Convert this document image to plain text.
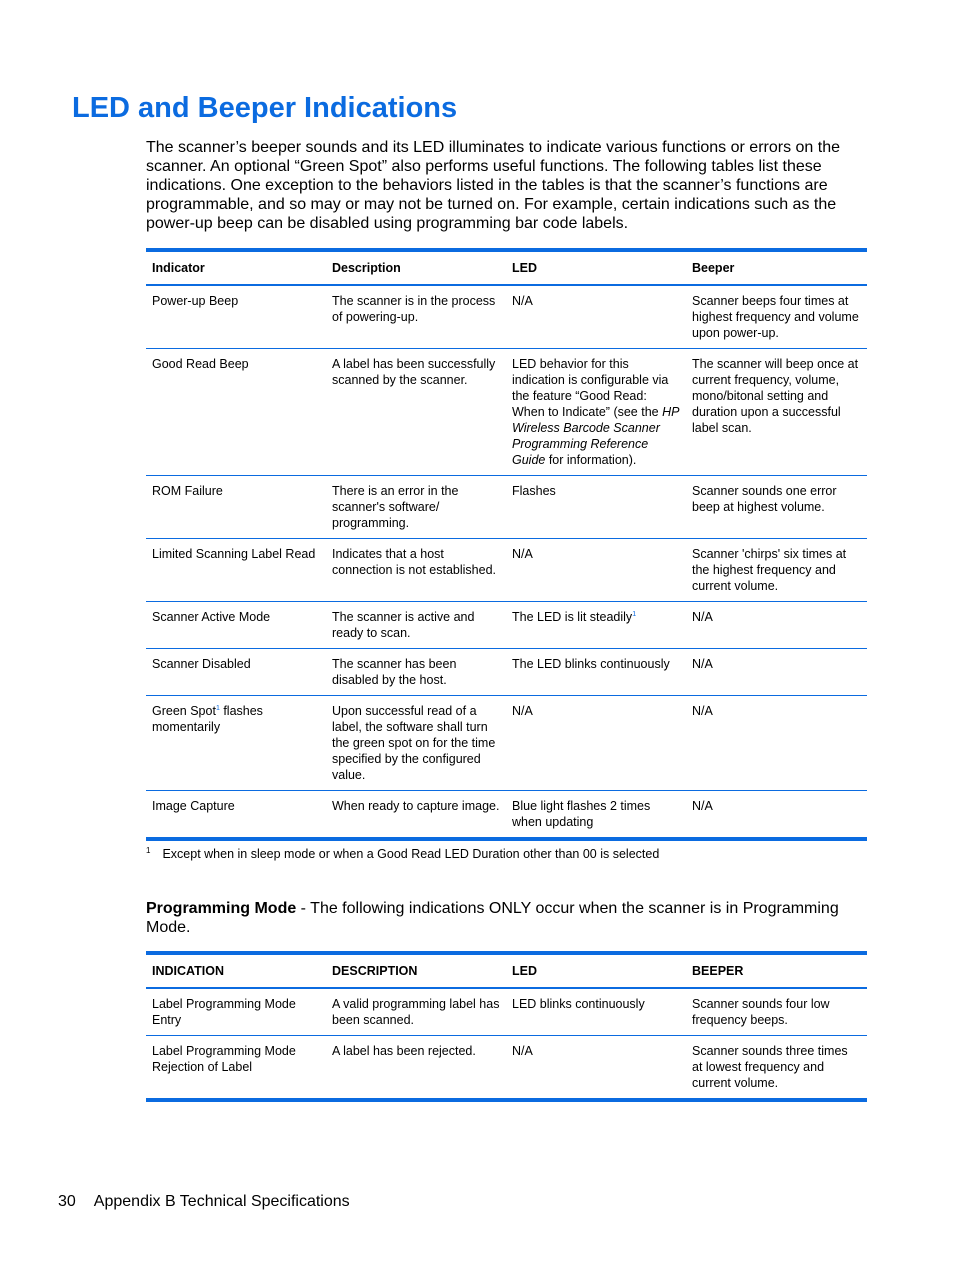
LED and Beeper Indications

The scanner’s beeper sounds and its LED illuminates to indicate various functions or errors on the scanner. An optional “Green Spot” also performs useful functions. The following tables list these indications. One exception to the behaviors listed in the tables is that the scanner’s functions are programmable, and so may or may not be turned on. For example, certain indications such as the power-up beep can be disabled using programming bar code labels.

Indicator	Description	LED	Beeper
Power-up Beep	The scanner is in the process of powering-up.	N/A	Scanner beeps four times at highest frequency and volume upon power-up.
Good Read Beep	A label has been successfully scanned by the scanner.	LED behavior for this indication is configurable via the feature “Good Read: When to Indicate” (see the HP Wireless Barcode Scanner Programming Reference Guide for information).	The scanner will beep once at current frequency, volume, mono/bitonal setting and duration upon a successful label scan.
ROM Failure	There is an error in the scanner's software/ programming.	Flashes	Scanner sounds one error beep at highest volume.
Limited Scanning Label Read	Indicates that a host connection is not established.	N/A	Scanner 'chirps' six times at the highest frequency and current volume.
Scanner Active Mode	The scanner is active and ready to scan.	The LED is lit steadily$^1$	N/A
Scanner Disabled	The scanner has been disabled by the host.	The LED blinks continuously	N/A
Green Spot$^1$ flashes momentarily	Upon successful read of a label, the software shall turn the green spot on for the time specified by the configured value.	N/A	N/A
Image Capture	When ready to capture image.	Blue light flashes 2 times when updating	N/A
$^1$ Except when in sleep mode or when a Good Read LED Duration other than 00 is selected

Programming Mode - The following indications ONLY occur when the scanner is in Programming Mode.

INDICATION	DESCRIPTION	LED	BEEPER
Label Programming Mode Entry	A valid programming label has been scanned.	LED blinks continuously	Scanner sounds four low frequency beeps.
Label Programming Mode Rejection of Label	A label has been rejected.	N/A	Scanner sounds three times at lowest frequency and current volume.
30 Appendix B Technical Specifications
